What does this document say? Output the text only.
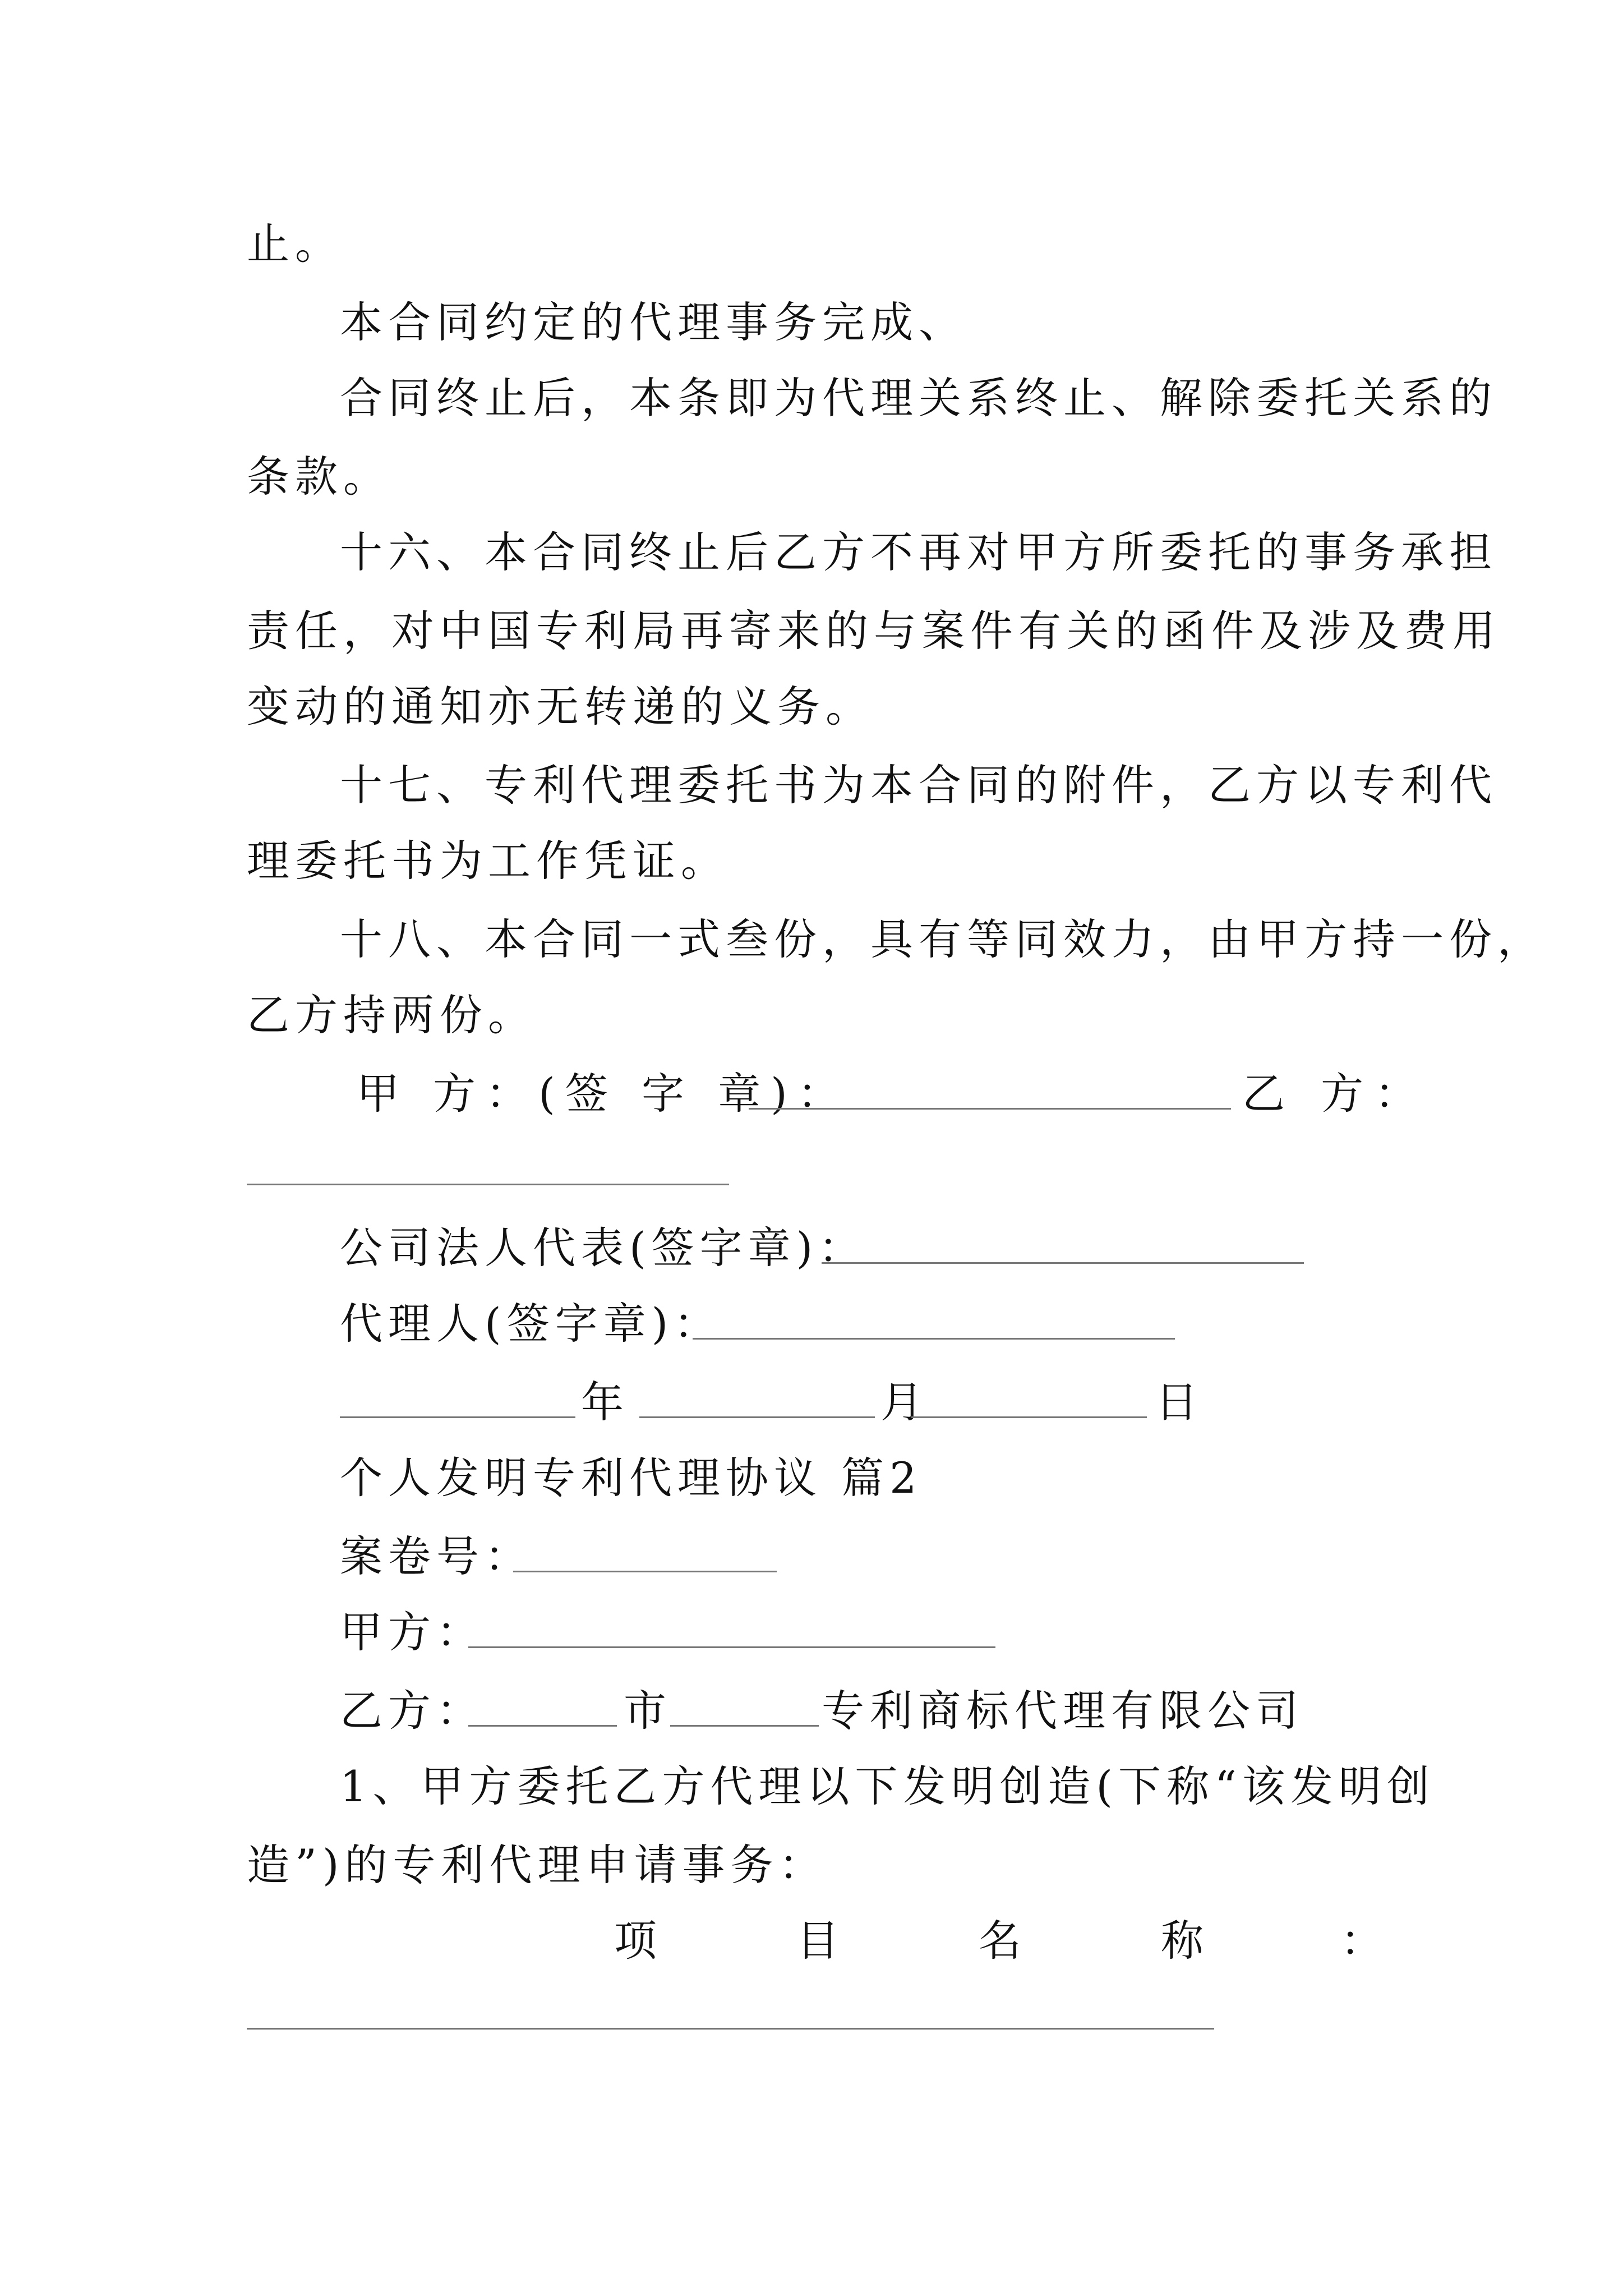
止。
本合同约定的代理事务完成、
合同终止后，本条即为代理关系终止、解除委托关系的
条款。
十六、本合同终止后乙方不再对甲方所委托的事务承担
责任，对中国专利局再寄来的与案件有关的函件及涉及费用
变动的通知亦无转递的义务。
十七、专利代理委托书为本合同的附件，乙方以专利代
理委托书为工作凭证。
十八、本合同一式叁份，具有等同效力，由甲方持一份，
乙方持两份。
甲 方：(签 字 章)：	乙 方：
公司法人代表(签字章)：
代理人(签字章)：
年	月	日
个人发明专利代理协议 篇2
案卷号：
甲方：
乙方：	市	专利商标代理有限公司
1、甲方委托乙方代理以下发明创造(下称“该发明创
造”)的专利代理申请事务：
项	目	名	称	：
